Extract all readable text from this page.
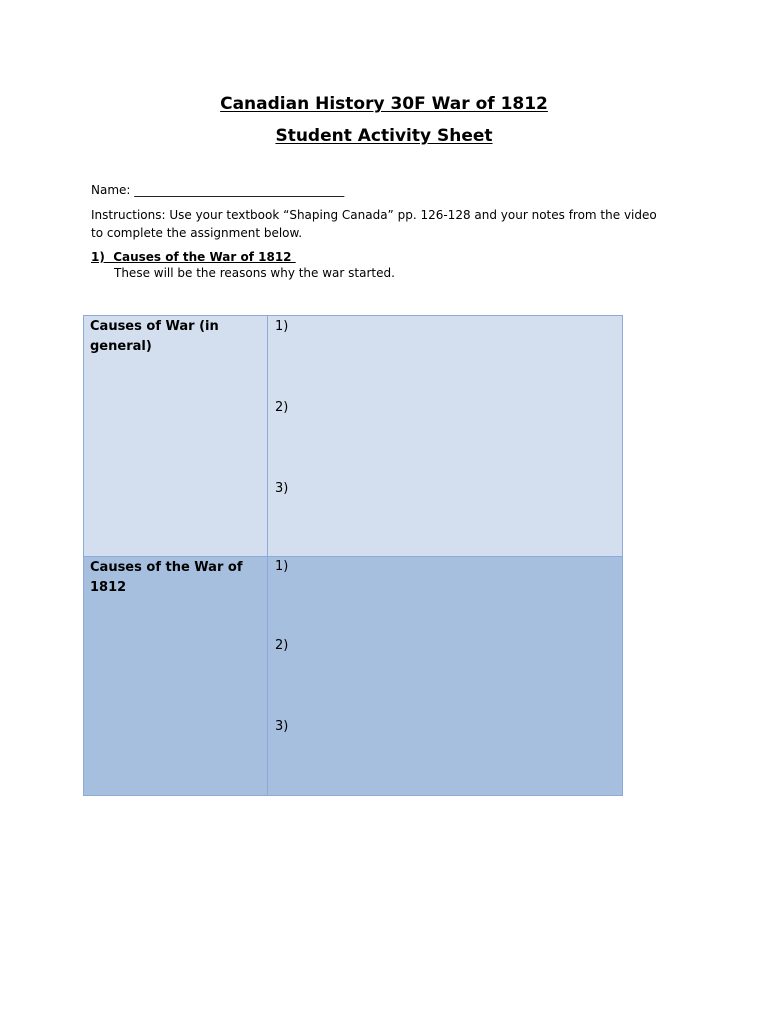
Canadian History 30F War of 1812
Student Activity Sheet

Name: ___________________________________

Instructions: Use your textbook “Shaping Canada” pp. 126-128 and your notes from the video to complete the assignment below.

1)  Causes of the War of 1812

These will be the reasons why the war started.

Causes of War (in general)
1)
2)
3)
Causes of the War of 1812
1)
2)
3)
